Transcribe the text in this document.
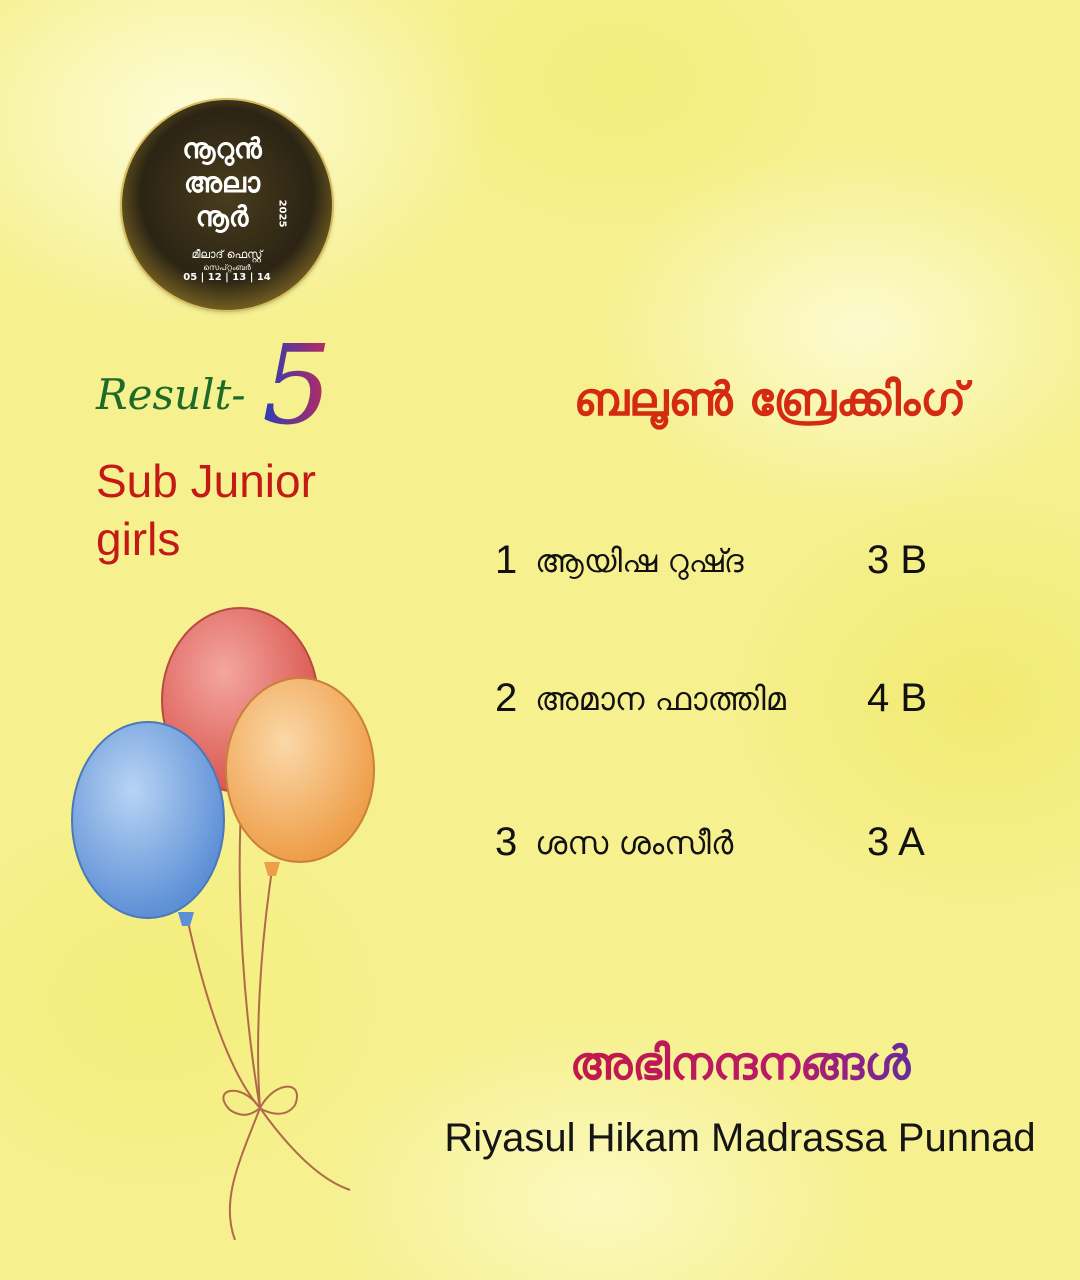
നൂറുൻ
അലാ
നൂർ	2025
മീലാദ് ഫെസ്റ്റ്
സെപ്റ്റംബർ
05 | 12 | 13 | 14
Result- 5
Sub Junior
girls
ബലൂൺ ബ്രേക്കിംഗ്
1 ആയിഷ റുഷ്ദ	3 B
2 അമാന ഫാത്തിമ 4 B
3 ശസ ശംസീർ	3 A
അഭിനന്ദനങ്ങൾ
Riyasul Hikam Madrassa Punnad
